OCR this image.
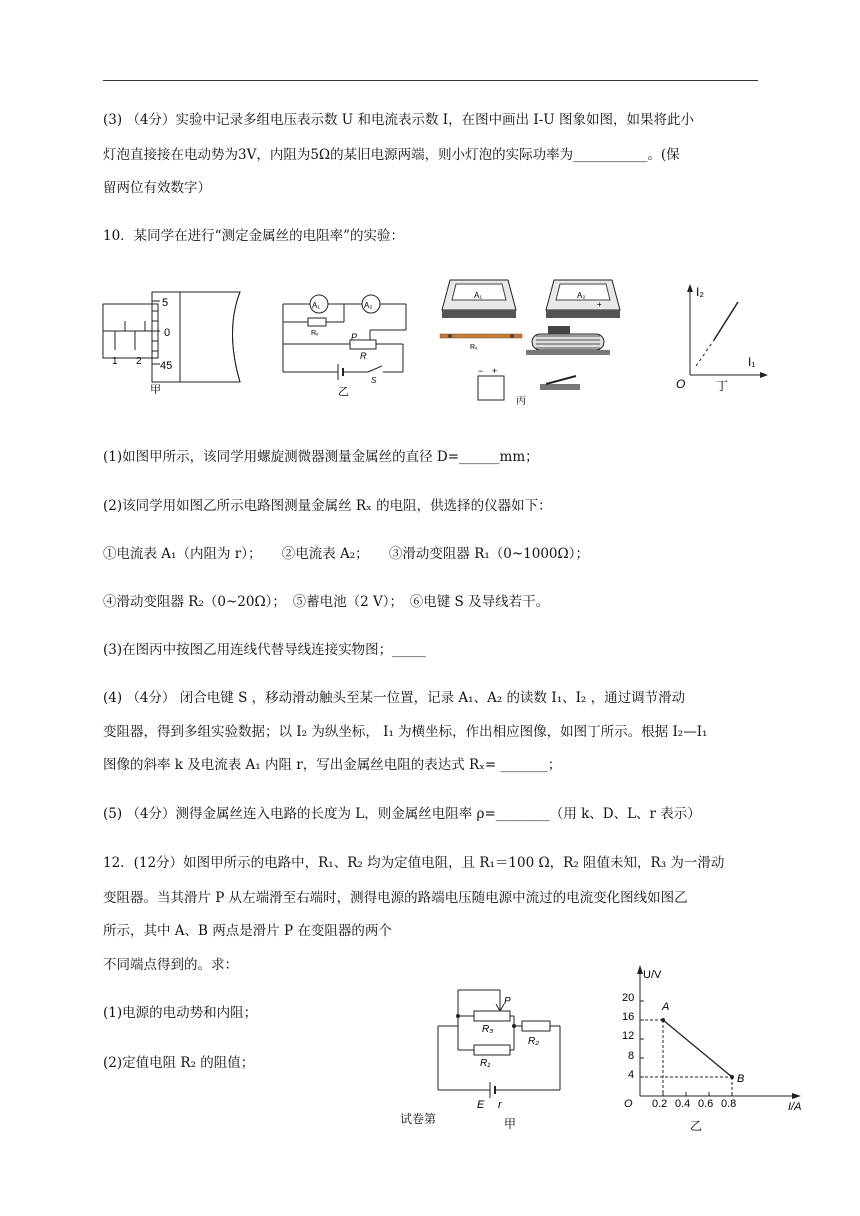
(3) （4分）实验中记录多组电压表示数 U 和电流表示数 I，在图中画出 I-U 图象如图，如果将此小
灯泡直接接在电动势为3V，内阻为5Ω的某旧电源两端，则小灯泡的实际功率为___________。(保
留两位有效数字）
10．某同学在进行“测定金属丝的电阻率”的实验：
1 2
5
0
45
甲
A₁	A₂
Rₓ	P
R
S
乙
A₁	A₂
+
Rₓ
− +
丙
I₂
I₁
O	丁
(1)如图甲所示，该同学用螺旋测微器测量金属丝的直径 D=______mm；
(2)该同学用如图乙所示电路图测量金属丝 Rₓ 的电阻，供选择的仪器如下：
①电流表 A₁（内阻为 r）；　　②电流表 A₂；　　③滑动变阻器 R₁（0~1000Ω）；
④滑动变阻器 R₂（0~20Ω）；　⑤蓄电池（2 V）；　⑥电键 S 及导线若干。
(3)在图丙中按图乙用连线代替导线连接实物图；_____
(4) （4分） 闭合电键 S ，移动滑动触头至某一位置，记录 A₁、A₂ 的读数 I₁、I₂ ，通过调节滑动
变阻器，得到多组实验数据；以 I₂ 为纵坐标， I₁ 为横坐标，作出相应图像，如图丁所示。根据 I₂—I₁
图像的斜率 k 及电流表 A₁ 内阻 r，写出金属丝电阻的表达式 Rₓ= _______；
(5) （4分）测得金属丝连入电路的长度为 L，则金属丝电阻率 ρ=________（用 k、D、L、r 表示）
12．(12分）如图甲所示的电路中，R₁、R₂ 均为定值电阻，且 R₁＝100 Ω，R₂ 阻值未知，R₃ 为一滑动
变阻器。当其滑片 P 从左端滑至右端时，测得电源的路端电压随电源中流过的电流变化图线如图乙
所示，其中 A、B 两点是滑片 P 在变阻器的两个
不同端点得到的。求：
(1)电源的电动势和内阻；
(2)定值电阻 R₂ 的阻值；
P
R₃
R₁
R₂
E r
甲
U/V
I/A
O
20
16
12
8
4
0.2 0.4 0.6 0.8
A
B
乙
试卷第
